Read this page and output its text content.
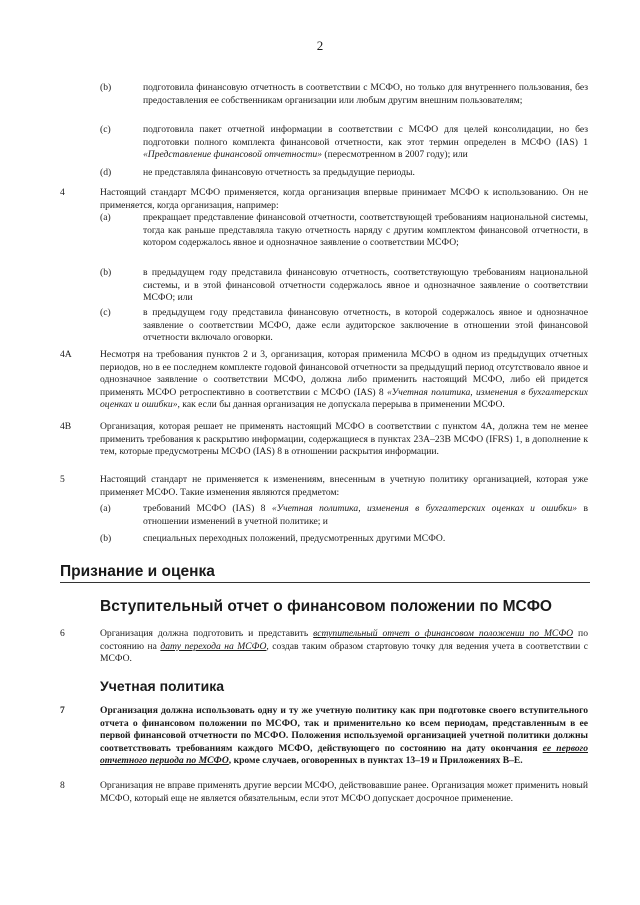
2
(b)	подготовила финансовую отчетность в соответствии с МСФО, но только для внутреннего пользования, без предоставления ее собственникам организации или любым другим внешним пользователям;
(c)	подготовила пакет отчетной информации в соответствии с МСФО для целей консолидации, но без подготовки полного комплекта финансовой отчетности, как этот термин определен в МСФО (IAS) 1 «Представление финансовой отчетности» (пересмотренном в 2007 году); или
(d)	не представляла финансовую отчетность за предыдущие периоды.
4	Настоящий стандарт МСФО применяется, когда организация впервые принимает МСФО к использованию. Он не применяется, когда организация, например:
(a)	прекращает представление финансовой отчетности, соответствующей требованиям национальной системы, тогда как раньше представляла такую отчетность наряду с другим комплектом финансовой отчетности, в котором содержалось явное и однозначное заявление о соответствии МСФО;
(b)	в предыдущем году представила финансовую отчетность, соответствующую требованиям национальной системы, и в этой финансовой отчетности содержалось явное и однозначное заявление о соответствии МСФО; или
(c)	в предыдущем году представила финансовую отчетность, в которой содержалось явное и однозначное заявление о соответствии МСФО, даже если аудиторское заключение в отношении этой финансовой отчетности включало оговорки.
4A	Несмотря на требования пунктов 2 и 3, организация, которая применила МСФО в одном из предыдущих отчетных периодов, но в ее последнем комплекте годовой финансовой отчетности за предыдущий период отсутствовало явное и однозначное заявление о соответствии МСФО, должна либо применить настоящий МСФО, либо ей придется применять МСФО ретроспективно в соответствии с МСФО (IAS) 8 «Учетная политика, изменения в бухгалтерских оценках и ошибки», как если бы данная организация не допускала перерыва в применении МСФО.
4B	Организация, которая решает не применять настоящий МСФО в соответствии с пунктом 4A, должна тем не менее применить требования к раскрытию информации, содержащиеся в пунктах 23A–23B МСФО (IFRS) 1, в дополнение к тем, которые предусмотрены МСФО (IAS) 8 в отношении раскрытия информации.
5	Настоящий стандарт не применяется к изменениям, внесенным в учетную политику организацией, которая уже применяет МСФО. Такие изменения являются предметом:
(a)	требований МСФО (IAS) 8 «Учетная политика, изменения в бухгалтерских оценках и ошибки» в отношении изменений в учетной политике; и
(b)	специальных переходных положений, предусмотренных другими МСФО.
Признание и оценка
Вступительный отчет о финансовом положении по МСФО
6	Организация должна подготовить и представить вступительный отчет о финансовом положении по МСФО по состоянию на дату перехода на МСФО, создав таким образом стартовую точку для ведения учета в соответствии с МСФО.
Учетная политика
7	Организация должна использовать одну и ту же учетную политику как при подготовке своего вступительного отчета о финансовом положении по МСФО, так и применительно ко всем периодам, представленным в ее первой финансовой отчетности по МСФО. Положения используемой организацией учетной политики должны соответствовать требованиям каждого МСФО, действующего по состоянию на дату окончания ее первого отчетного периода по МСФО, кроме случаев, оговоренных в пунктах 13–19 и Приложениях B–E.
8	Организация не вправе применять другие версии МСФО, действовавшие ранее. Организация может применить новый МСФО, который еще не является обязательным, если этот МСФО допускает досрочное применение.
